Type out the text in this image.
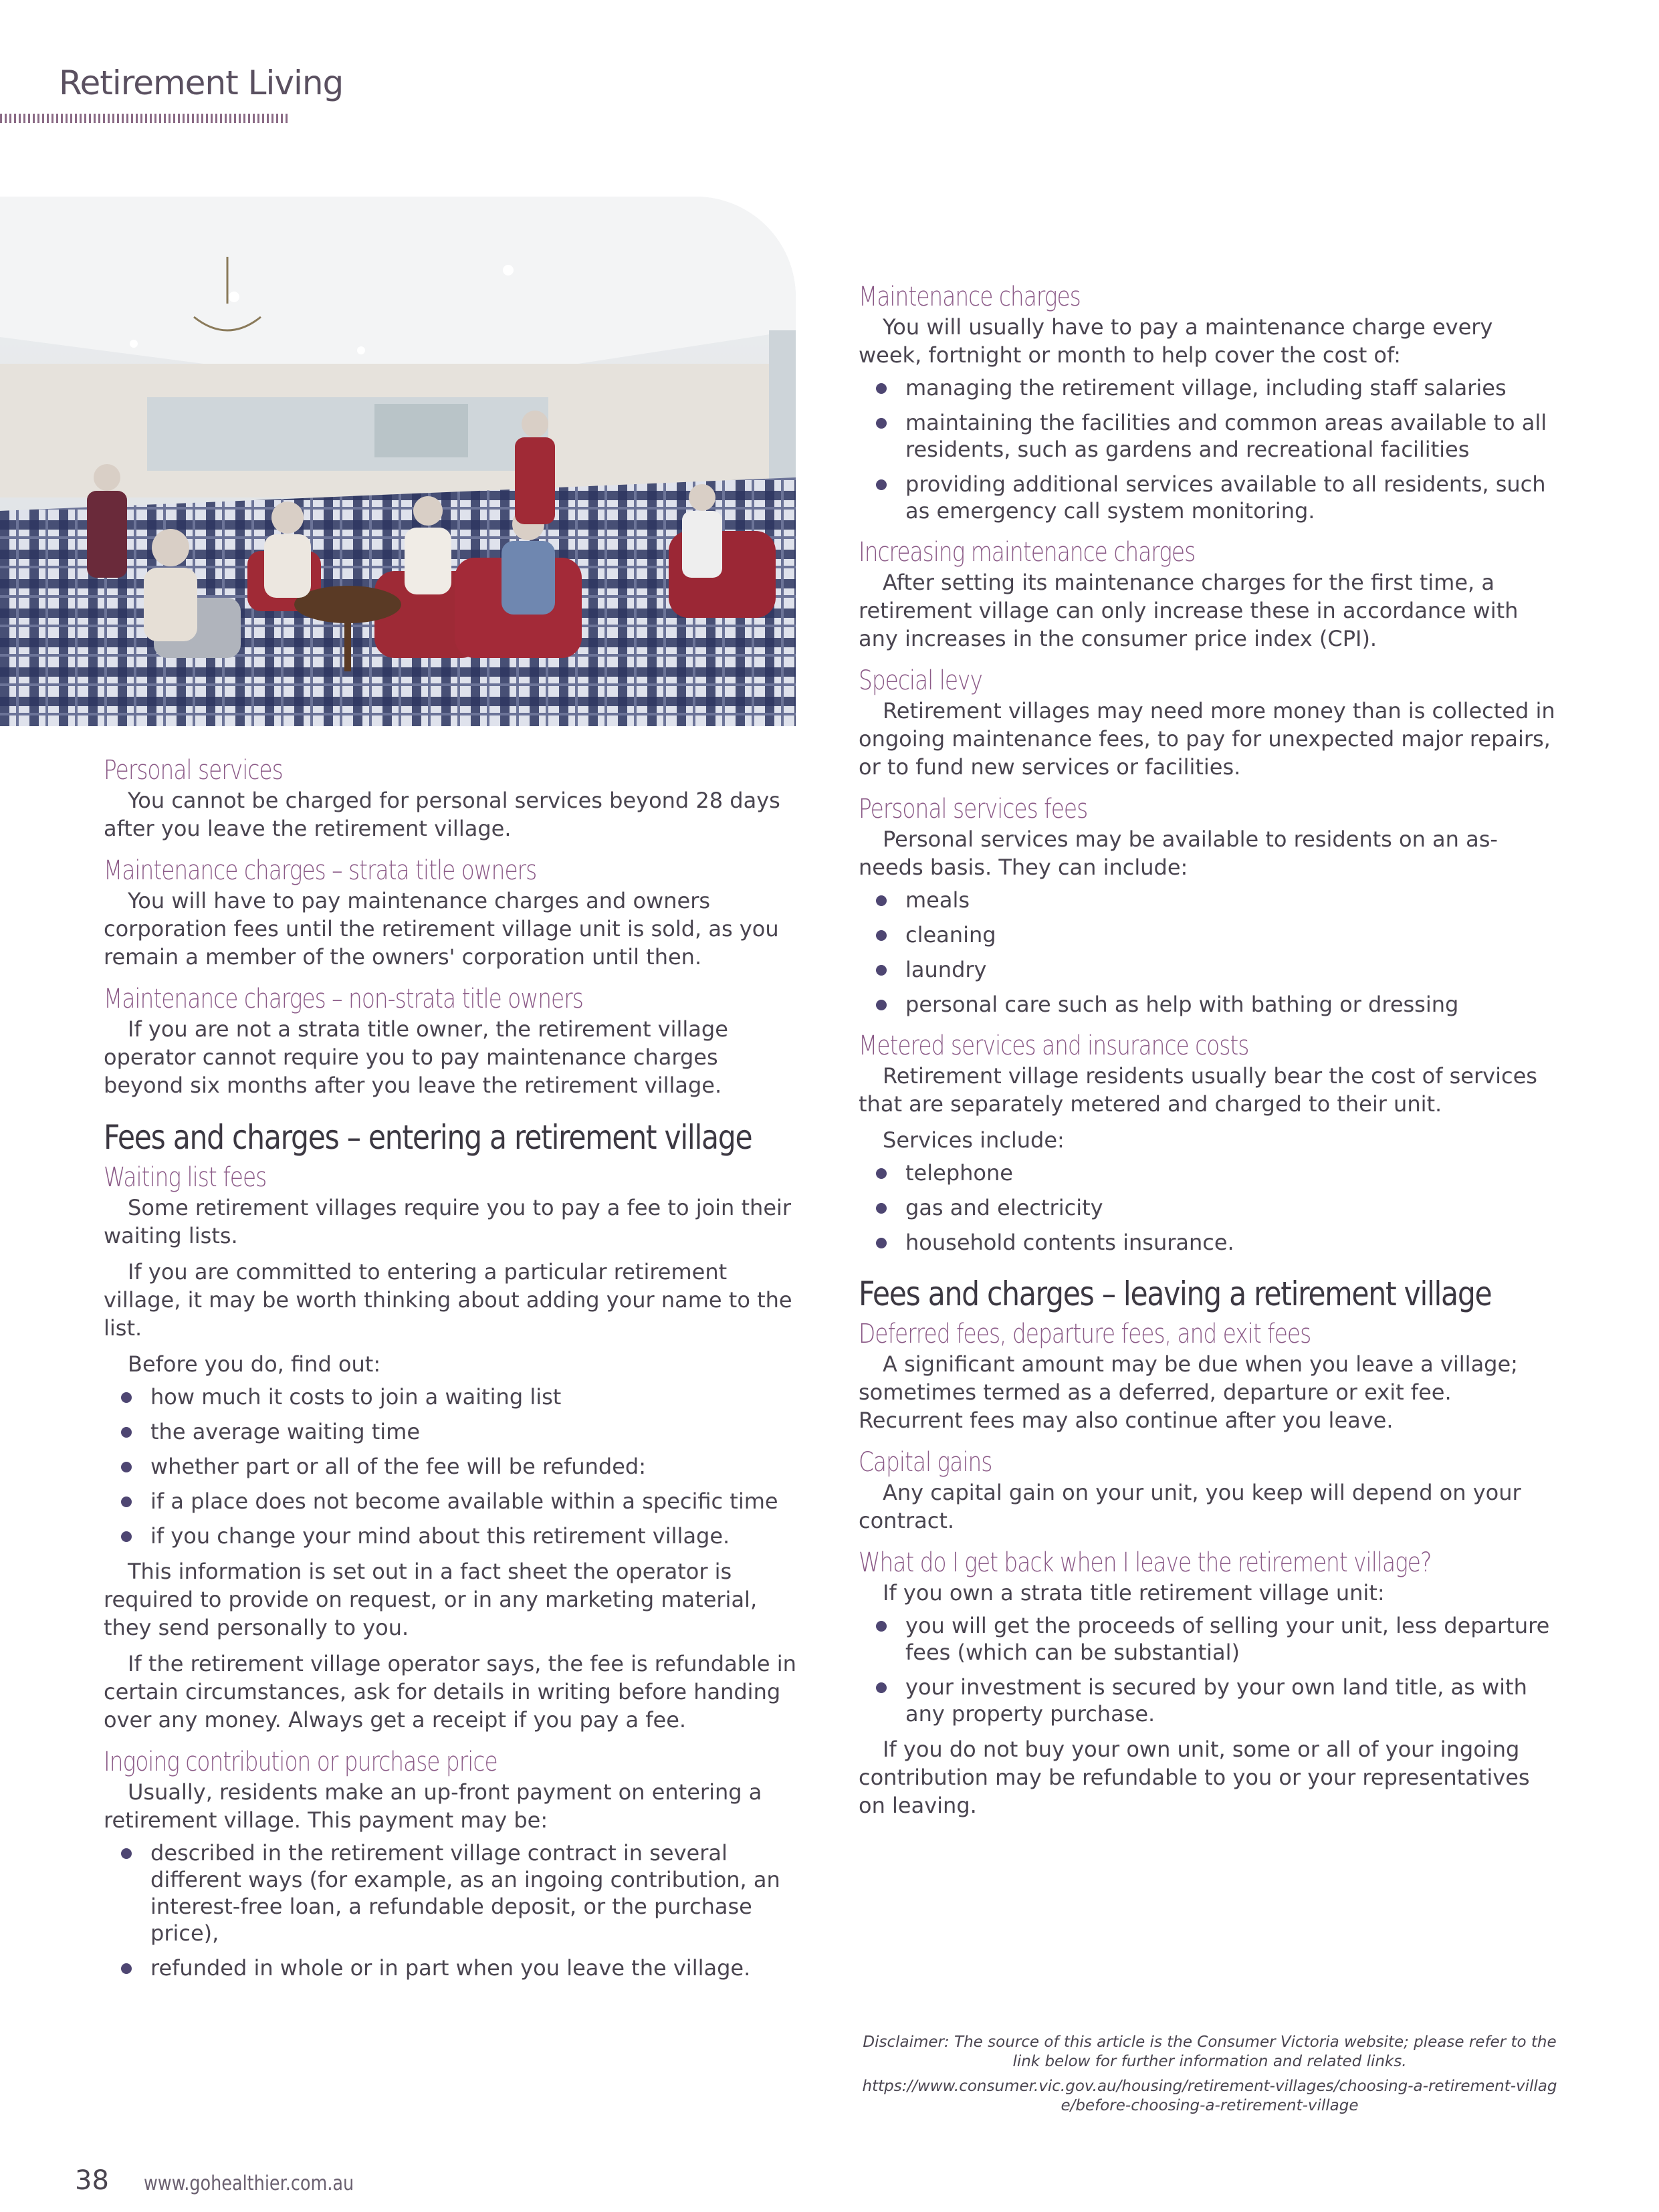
Retirement Living
Personal services

You cannot be charged for personal services beyond 28 days after you leave the retirement village.

Maintenance charges – strata title owners

You will have to pay maintenance charges and owners corporation fees until the retirement village unit is sold, as you remain a member of the owners' corporation until then.

Maintenance charges – non-strata title owners

If you are not a strata title owner, the retirement village operator cannot require you to pay maintenance charges beyond six months after you leave the retirement village.

Fees and charges – entering a retirement village
Waiting list fees

Some retirement villages require you to pay a fee to join their waiting lists.

If you are committed to entering a particular retirement village, it may be worth thinking about adding your name to the list.

Before you do, find out:

how much it costs to join a waiting list
the average waiting time
whether part or all of the fee will be refunded:
if a place does not become available within a specific time
if you change your mind about this retirement village.

This information is set out in a fact sheet the operator is required to provide on request, or in any marketing material, they send personally to you.

If the retirement village operator says, the fee is refundable in certain circumstances, ask for details in writing before handing over any money. Always get a receipt if you pay a fee.

Ingoing contribution or purchase price

Usually, residents make an up-front payment on entering a retirement village. This payment may be:

described in the retirement village contract in several different ways (for example, as an ingoing contribution, an interest-free loan, a refundable deposit, or the purchase price),
refunded in whole or in part when you leave the village.
Maintenance charges

You will usually have to pay a maintenance charge every week, fortnight or month to help cover the cost of:

managing the retirement village, including staff salaries
maintaining the facilities and common areas available to all residents, such as gardens and recreational facilities
providing additional services available to all residents, such as emergency call system monitoring.
Increasing maintenance charges

After setting its maintenance charges for the first time, a retirement village can only increase these in accordance with any increases in the consumer price index (CPI).

Special levy

Retirement villages may need more money than is collected in ongoing maintenance fees, to pay for unexpected major repairs, or to fund new services or facilities.

Personal services fees

Personal services may be available to residents on an as-needs basis. They can include:

meals
cleaning
laundry
personal care such as help with bathing or dressing
Metered services and insurance costs

Retirement village residents usually bear the cost of services that are separately metered and charged to their unit.

Services include:

telephone
gas and electricity
household contents insurance.
Fees and charges – leaving a retirement village
Deferred fees, departure fees, and exit fees

A significant amount may be due when you leave a village; sometimes termed as a deferred, departure or exit fee. Recurrent fees may also continue after you leave.

Capital gains

Any capital gain on your unit, you keep will depend on your contract.

What do I get back when I leave the retirement village?

If you own a strata title retirement village unit:

you will get the proceeds of selling your unit, less departure fees (which can be substantial)
your investment is secured by your own land title, as with any property purchase.

If you do not buy your own unit, some or all of your ingoing contribution may be refundable to you or your representatives on leaving.

Disclaimer: The source of this article is the Consumer Victoria website; please refer to the link below for further information and related links.

https://www.consumer.vic.gov.au/housing/retirement-villages/choosing-a-retirement-village/before-choosing-a-retirement-village

38 www.gohealthier.com.au
